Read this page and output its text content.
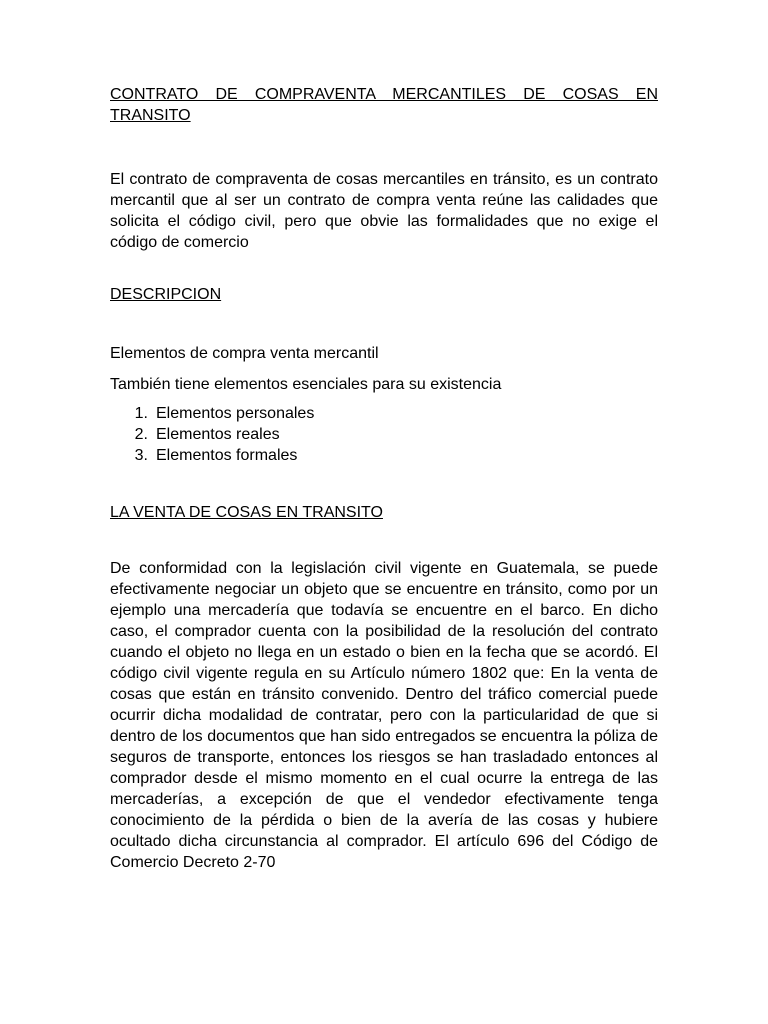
CONTRATO DE COMPRAVENTA MERCANTILES DE COSAS EN TRANSITO

El contrato de compraventa de cosas mercantiles en tránsito, es un contrato mercantil que al ser un contrato de compra venta reúne las calidades que solicita el código civil, pero que obvie las formalidades que no exige el código de comercio

DESCRIPCION

Elementos de compra venta mercantil

También tiene elementos esenciales para su existencia

1. Elementos personales
2. Elementos reales
3. Elementos formales
LA VENTA DE COSAS EN TRANSITO

De conformidad con la legislación civil vigente en Guatemala, se puede efectivamente negociar un objeto que se encuentre en tránsito, como por un ejemplo una mercadería que todavía se encuentre en el barco. En dicho caso, el comprador cuenta con la posibilidad de la resolución del contrato cuando el objeto no llega en un estado o bien en la fecha que se acordó. El código civil vigente regula en su Artículo número 1802 que: En la venta de cosas que están en tránsito convenido. Dentro del tráfico comercial puede ocurrir dicha modalidad de contratar, pero con la particularidad de que si dentro de los documentos que han sido entregados se encuentra la póliza de seguros de transporte, entonces los riesgos se han trasladado entonces al comprador desde el mismo momento en el cual ocurre la entrega de las mercaderías, a excepción de que el vendedor efectivamente tenga conocimiento de la pérdida o bien de la avería de las cosas y hubiere ocultado dicha circunstancia al comprador. El artículo 696 del Código de Comercio Decreto 2-70
